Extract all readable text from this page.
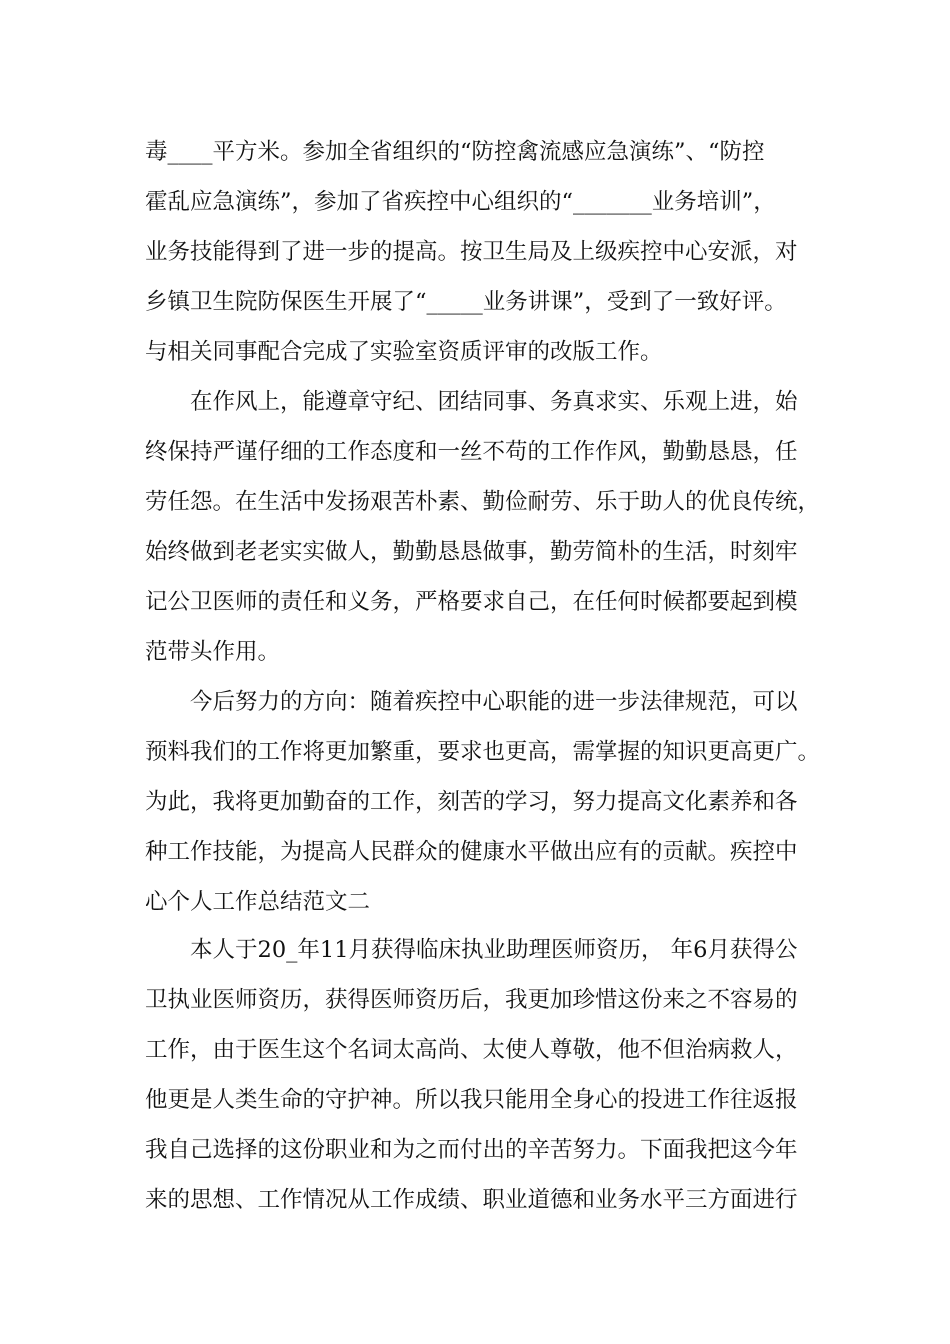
毒____平方米。参加全省组织的“防控禽流感应急演练”、“防控
霍乱应急演练”，参加了省疾控中心组织的“_______业务培训”，
业务技能得到了进一步的提高。按卫生局及上级疾控中心安派，对
乡镇卫生院防保医生开展了“_____业务讲课”，受到了一致好评。
与相关同事配合完成了实验室资质评审的改版工作。
在作风上，能遵章守纪、团结同事、务真求实、乐观上进，始
终保持严谨仔细的工作态度和一丝不苟的工作作风，勤勤恳恳，任
劳任怨。在生活中发扬艰苦朴素、勤俭耐劳、乐于助人的优良传统，
始终做到老老实实做人，勤勤恳恳做事，勤劳简朴的生活，时刻牢
记公卫医师的责任和义务，严格要求自己，在任何时候都要起到模
范带头作用。
今后努力的方向：随着疾控中心职能的进一步法律规范，可以
预料我们的工作将更加繁重，要求也更高，需掌握的知识更高更广。
为此，我将更加勤奋的工作，刻苦的学习，努力提高文化素养和各
种工作技能，为提高人民群众的健康水平做出应有的贡献。疾控中
心个人工作总结范文二
本人于20_年11月获得临床执业助理医师资历， 年6月获得公
卫执业医师资历，获得医师资历后，我更加珍惜这份来之不容易的
工作，由于医生这个名词太高尚、太使人尊敬，他不但治病救人，
他更是人类生命的守护神。所以我只能用全身心的投进工作往返报
我自己选择的这份职业和为之而付出的辛苦努力。下面我把这今年
来的思想、工作情况从工作成绩、职业道德和业务水平三方面进行
